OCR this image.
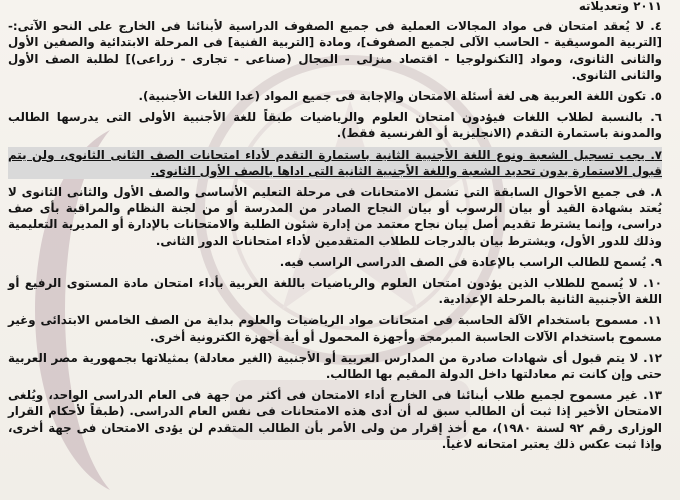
٢٠١١ وتعديلاته
٤. لا يُعقد امتحان فى مواد المجالات العملية فى جميع الصفوف الدراسية لأبنائنا فى الخارج على النحو الآتى:- [التربية الموسيقية - الحاسب الآلى لجميع الصفوف]، ومادة [التربية الفنية] فى المرحلة الابتدائية والصفين الأول والثانى الثانوى، ومواد [التكنولوجيا - اقتصاد منزلى - المجال (صناعى - تجارى - زراعى)] لطلبة الصف الأول والثانى الثانوى.
٥. تكون اللغة العربية هى لغة أسئلة الامتحان والإجابة فى جميع المواد (عدا اللغات الأجنبية).
٦. بالنسبة لطلاب اللغات فيؤدون امتحان العلوم والرياضيات طبقاً للغة الأجنبية الأولى التى يدرسها الطالب والمدونة باستمارة التقدم (الانجليزية أو الفرنسية فقط).
٧. يجب تسجيل الشعبة ونوع اللغة الأجنبية الثانية باستمارة التقدم لأداء امتحانات الصف الثانى الثانوى، ولن يتم قبول الاستمارة بدون تحديد الشعبة واللغة الأجنبية الثانية التى اداها بالصف الأول الثانوى.
٨. فى جميع الأحوال السابقة التى تشمل الامتحانات فى مرحلة التعليم الأساسى والصف الأول والثانى الثانوى لا يُعتد بشهادة القيد أو بيان الرسوب أو بيان النجاح الصادر من المدرسة أو من لجنة النظام والمراقبة بأى صف دراسى، وإنما يشترط تقديم أصل بيان نجاح معتمد من إدارة شئون الطلبة والامتحانات بالإدارة أو المديرية التعليمية وذلك للدور الأول، ويشترط بيان بالدرجات للطلاب المتقدمين لأداء امتحانات الدور الثانى.
٩. يُسمح للطالب الراسب بالإعادة فى الصف الدراسى الراسب فيه.
١٠. لا يُسمح للطلاب الذين يؤدون امتحان العلوم والرياضيات باللغة العربية بأداء امتحان مادة المستوى الرفيع أو اللغة الأجنبية الثانية بالمرحلة الإعدادية.
١١. مسموح باستخدام الآلة الحاسبة فى امتحانات مواد الرياضيات والعلوم بداية من الصف الخامس الابتدائى وغير مسموح باستخدام الآلات الحاسبة المبرمجة وأجهزة المحمول أو أية أجهزة الكترونية أخرى.
١٢. لا يتم قبول أى شهادات صادرة من المدارس العربية أو الأجنبية (الغير معادلة) بمثيلاتها بجمهورية مصر العربية حتى وإن كانت تم معادلتها داخل الدولة المقيم بها الطالب.
١٣. غير مسموح لجميع طلاب أبنائنا فى الخارج أداء الامتحان فى أكثر من جهة فى العام الدراسى الواحد، ويُلغى الامتحان الأخير إذا ثبت أن الطالب سبق له أن أدى هذه الامتحانات فى نفس العام الدراسى. (طبقاً لأحكام القرار الوزارى رقم ٩٢ لسنة ١٩٨٠)، مع أخذ إقرار من ولى الأمر بأن الطالب المتقدم لن يؤدى الامتحان فى جهة أخرى، وإذا ثبت عكس ذلك يعتبر امتحانه لاغياً.
